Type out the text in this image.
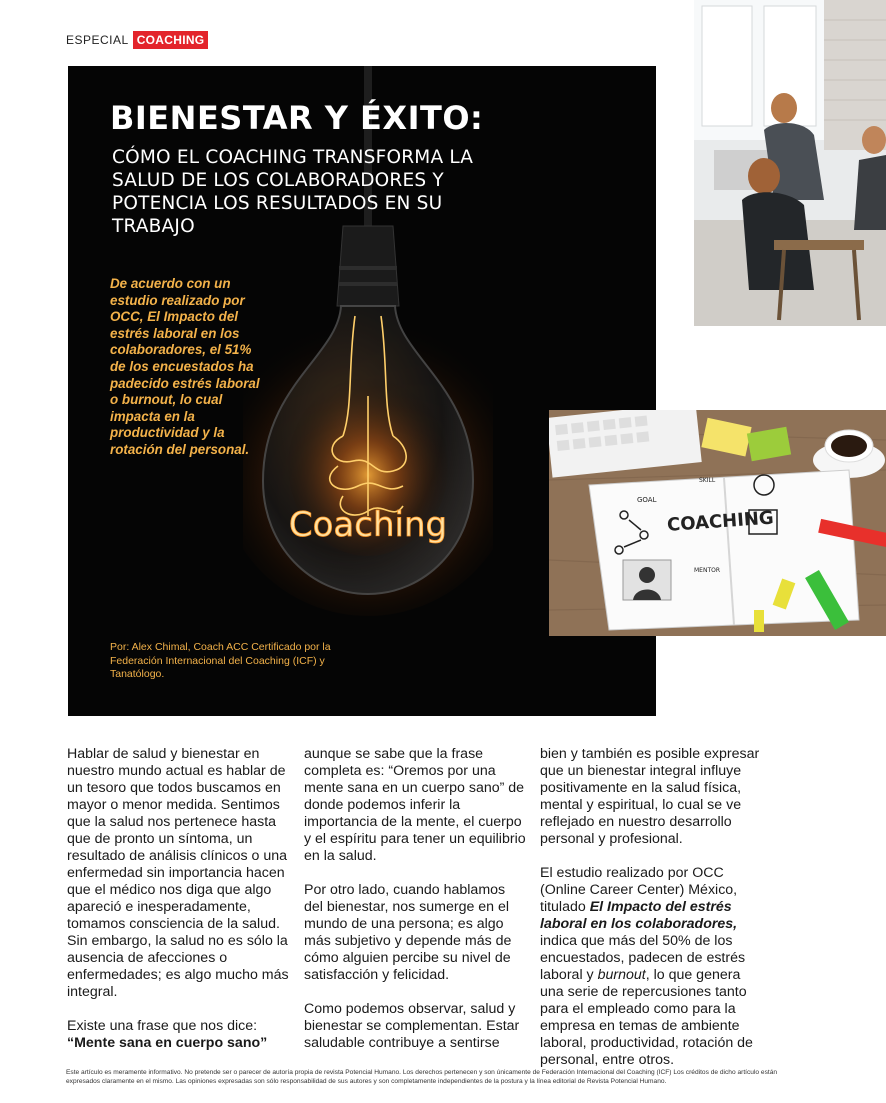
ESPECIAL COACHING
Coaching
BIENESTAR Y ÉXITO:
CÓMO EL COACHING TRANSFORMA LA SALUD DE LOS COLABORADORES Y POTENCIA LOS RESULTADOS EN SU TRABAJO

De acuerdo con un estudio realizado por OCC, El Impacto del estrés laboral en los colaboradores, el 51% de los encuestados ha padecido estrés laboral o burnout, lo cual impacta en la productividad y la rotación del personal.

Por: Alex Chimal, Coach ACC Certificado por la Federación Internacional del Coaching (ICF) y Tanatólogo.

GOAL
SKILL
COACHING
MENTOR

Hablar de salud y bienestar en nuestro mundo actual es hablar de un tesoro que todos buscamos en mayor o menor medida. Sentimos que la salud nos pertenece hasta que de pronto un síntoma, un resultado de análisis clínicos o una enfermedad sin importancia hacen que el médico nos diga que algo apareció e inesperadamente, tomamos consciencia de la salud. Sin embargo, la salud no es sólo la ausencia de afecciones o enfermedades; es algo mucho más integral.

Existe una frase que nos dice:
“Mente sana en cuerpo sano”

aunque se sabe que la frase completa es: “Oremos por una mente sana en un cuerpo sano” de donde podemos inferir la importancia de la mente, el cuerpo y el espíritu para tener un equilibrio en la salud.

Por otro lado, cuando hablamos del bienestar, nos sumerge en el mundo de una persona; es algo más subjetivo y depende más de cómo alguien percibe su nivel de satisfacción y felicidad.

Como podemos observar, salud y bienestar se complementan. Estar saludable contribuye a sentirse

bien y también es posible expresar que un bienestar integral influye positivamente en la salud física, mental y espiritual, lo cual se ve reflejado en nuestro desarrollo personal y profesional.

El estudio realizado por OCC (Online Career Center) México, titulado El Impacto del estrés laboral en los colaboradores, indica que más del 50% de los encuestados, padecen de estrés laboral y burnout, lo que genera una serie de repercusiones tanto para el empleado como para la empresa en temas de ambiente laboral, productividad, rotación de personal, entre otros.

Este artículo es meramente informativo. No pretende ser o parecer de autoría propia de revista Potencial Humano. Los derechos pertenecen y son únicamente de Federación Internacional del Coaching (ICF) Los créditos de dicho artículo están expresados claramente en el mismo. Las opiniones expresadas son sólo responsabilidad de sus autores y son completamente independientes de la postura y la línea editorial de Revista Potencial Humano.
